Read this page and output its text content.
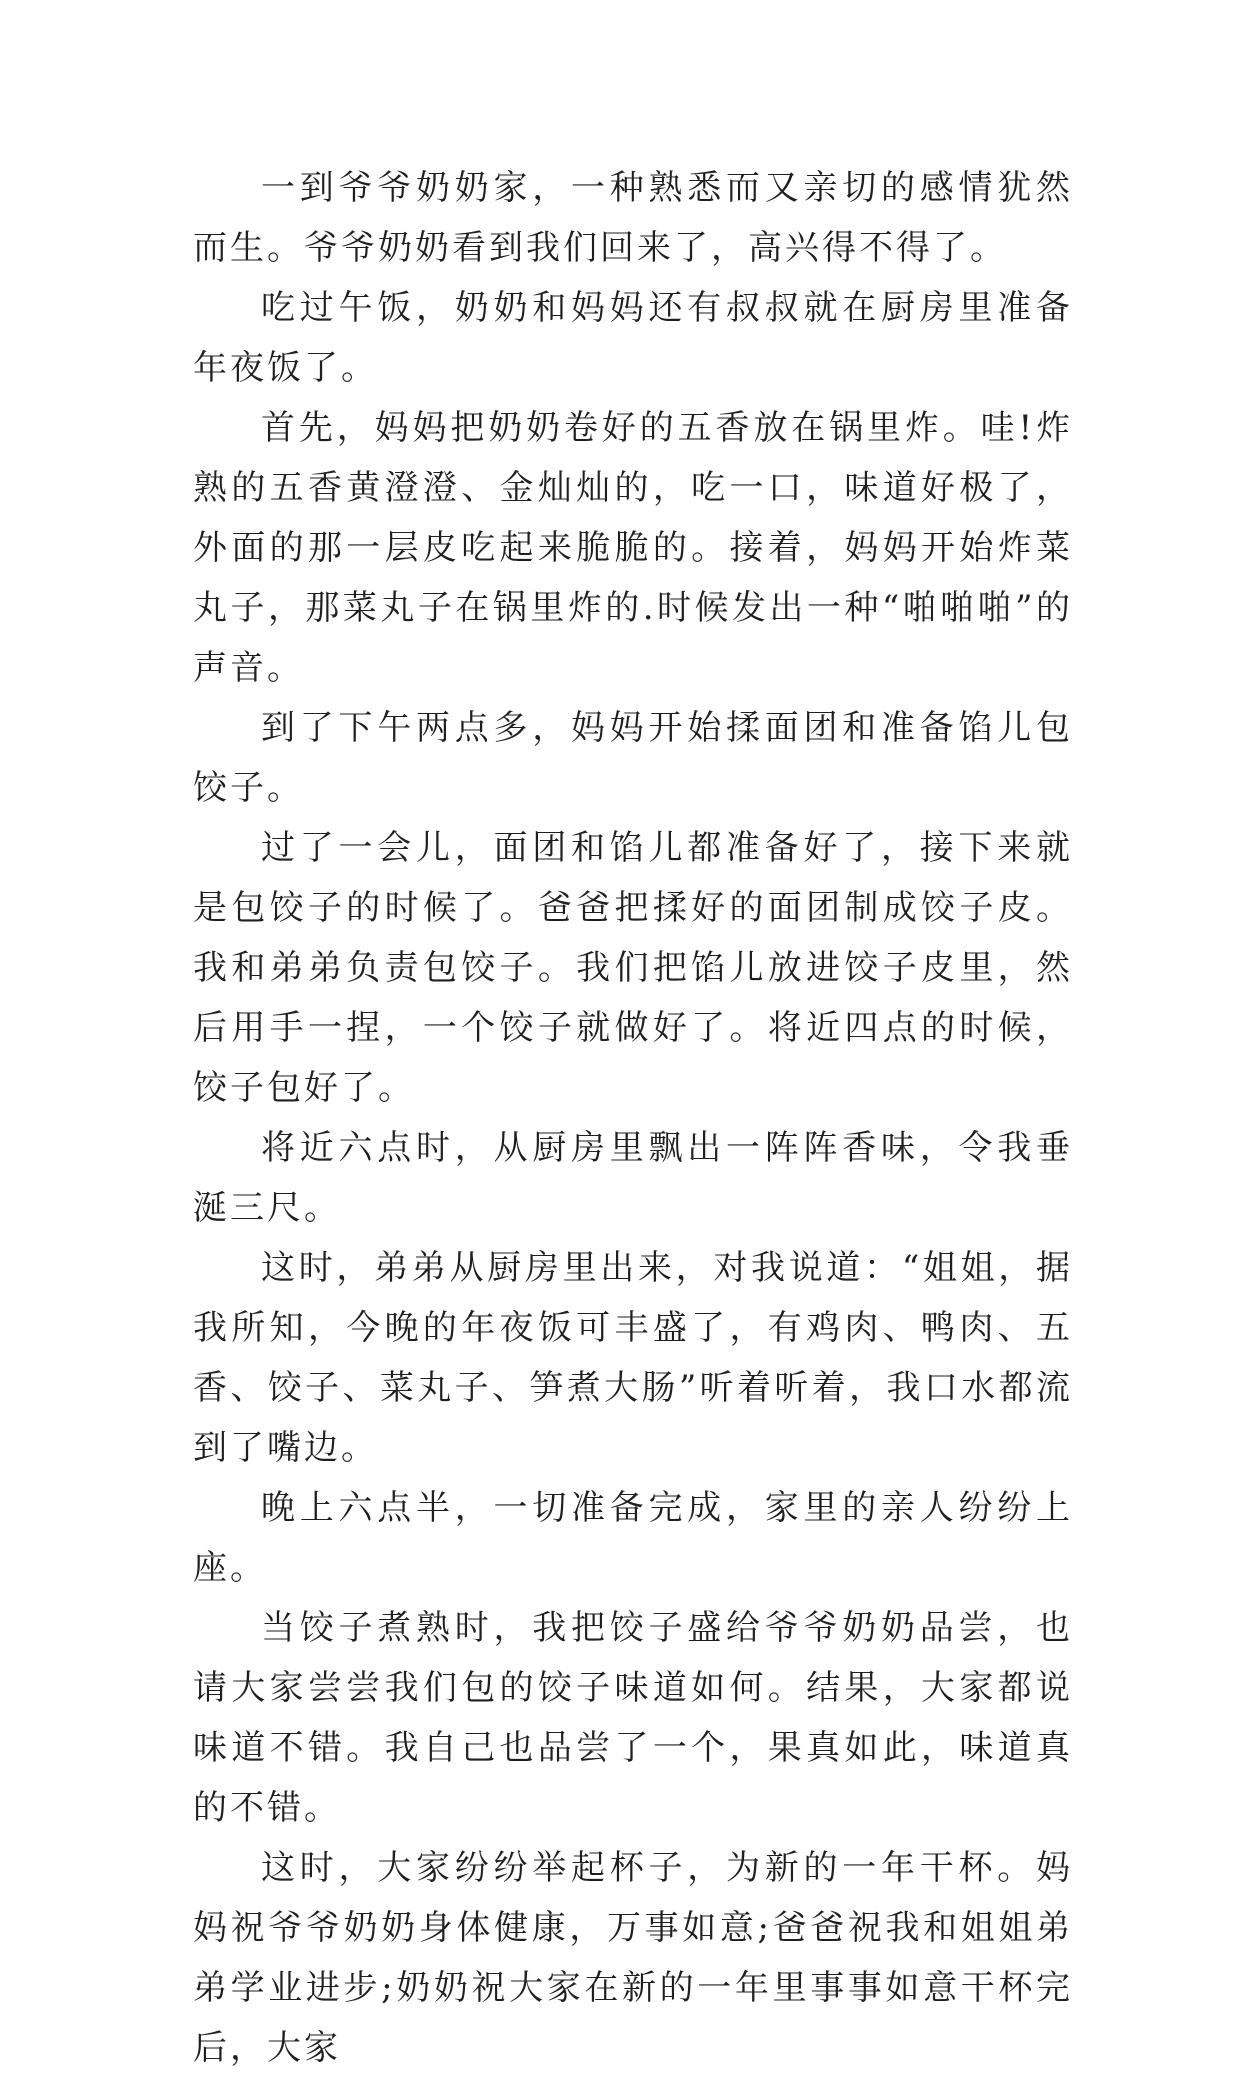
一到爷爷奶奶家，一种熟悉而又亲切的感情犹然而生。爷爷奶奶看到我们回来了，高兴得不得了。

吃过午饭，奶奶和妈妈还有叔叔就在厨房里准备年夜饭了。

首先，妈妈把奶奶卷好的五香放在锅里炸。哇!炸熟的五香黄澄澄、金灿灿的，吃一口，味道好极了，外面的那一层皮吃起来脆脆的。接着，妈妈开始炸菜丸子，那菜丸子在锅里炸的.时候发出一种“啪啪啪”的声音。

到了下午两点多，妈妈开始揉面团和准备馅儿包饺子。

过了一会儿，面团和馅儿都准备好了，接下来就是包饺子的时候了。爸爸把揉好的面团制成饺子皮。我和弟弟负责包饺子。我们把馅儿放进饺子皮里，然后用手一捏，一个饺子就做好了。将近四点的时候，饺子包好了。

将近六点时，从厨房里飘出一阵阵香味，令我垂涎三尺。

这时，弟弟从厨房里出来，对我说道：“姐姐，据我所知，今晚的年夜饭可丰盛了，有鸡肉、鸭肉、五香、饺子、菜丸子、笋煮大肠”听着听着，我口水都流到了嘴边。

晚上六点半，一切准备完成，家里的亲人纷纷上座。

当饺子煮熟时，我把饺子盛给爷爷奶奶品尝，也请大家尝尝我们包的饺子味道如何。结果，大家都说味道不错。我自己也品尝了一个，果真如此，味道真的不错。

这时，大家纷纷举起杯子，为新的一年干杯。妈妈祝爷爷奶奶身体健康，万事如意;爸爸祝我和姐姐弟弟学业进步;奶奶祝大家在新的一年里事事如意干杯完后，大家
